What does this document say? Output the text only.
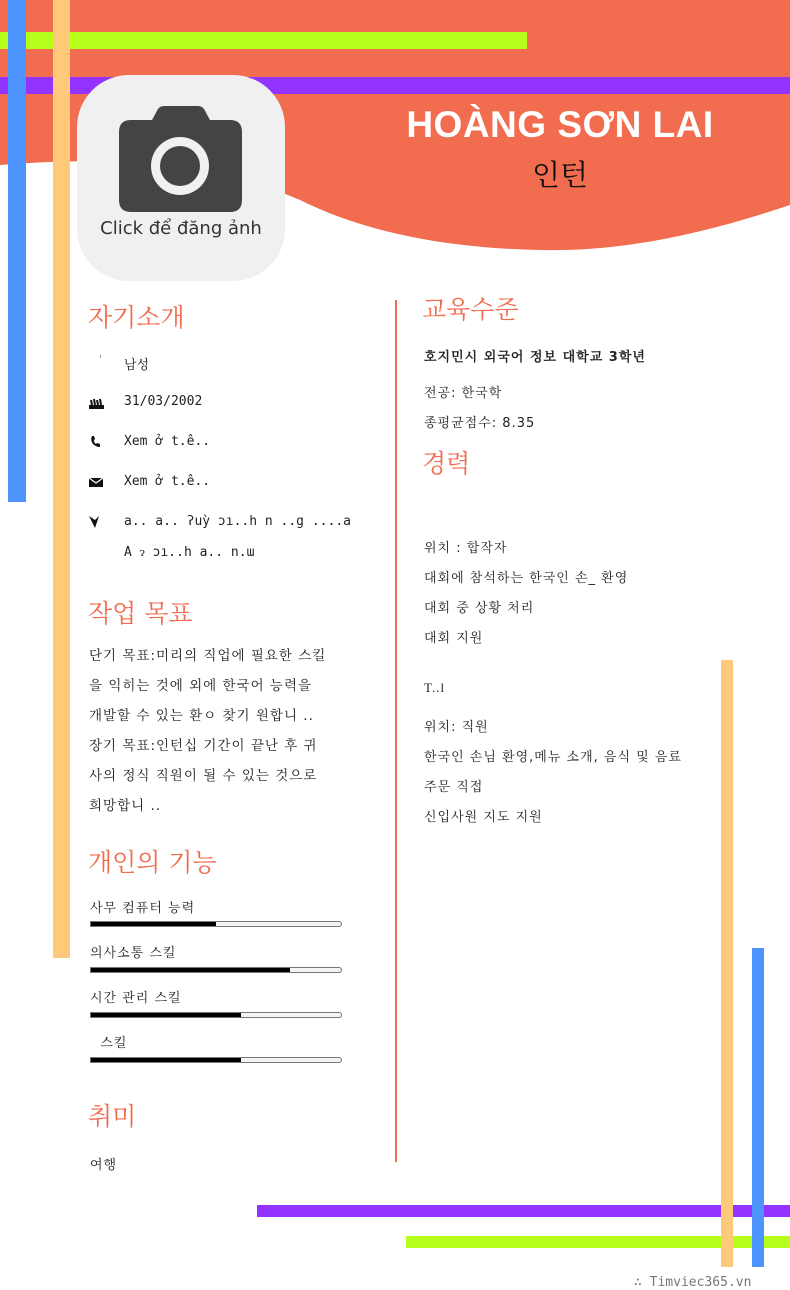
HOÀNG SƠN LAI
인턴
Click để đăng ảnh
자기소개
남성
31/03/2002
Xem ở t.ê..
Xem ở t.ê..
a.. a.. ʔuỳ ɔı..h n ..g ....a
A ɂ ɔı..h a.. n.ɯ
작업 목표
단기 목표:미리의 직업에 필요한 스킬
을 익히는 것에 외에 한국어 능력을
개발할 수 있는 환ㅇ 찾기 원합니 ..
장기 목표:인턴십 기간이 끝난 후 귀
사의 정식 직원이 될 수 있는 것으로
희망합니 ..
개인의 기능
사무 컴퓨터 능력
의사소통 스킬
시간 관리 스킬
스킬
취미
여행
교육수준
호지민시 외국어 정보 대학교 3학년
전공: 한국학
종평균점수: 8.35
경력
위치 : 합작자
대회에 참석하는 한국인 손_ 환영
대회 중 상황 처리
대회 지원
T..l
위치: 직원
한국인 손님 환영,메뉴 소개, 음식 및 음료
주문 직접
신입사원 지도 지원
∴ Timviec365.vn
